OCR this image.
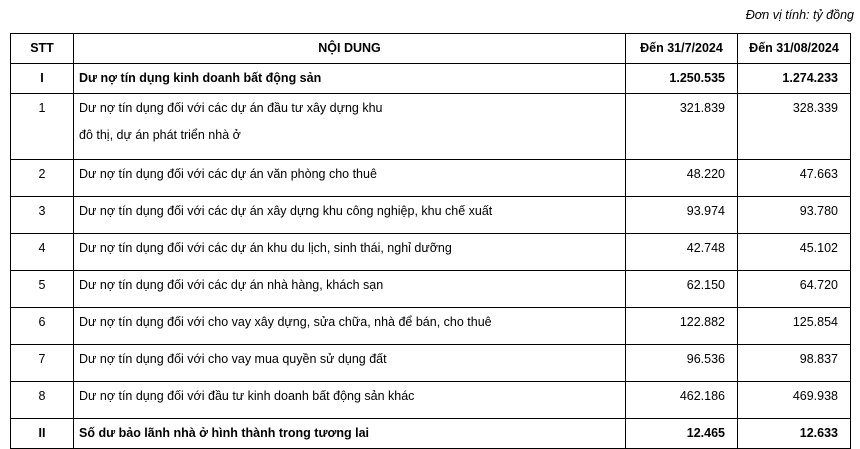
Đơn vị tính: tỷ đồng
STT	NỘI DUNG	Đến 31/7/2024	Đến 31/08/2024
I	Dư nợ tín dụng kinh doanh bất động sản	1.250.535	1.274.233
1	Dư nợ tín dụng đối với các dự án đầu tư xây dựng khu
đô thị, dự án phát triển nhà ở	321.839	328.339
2	Dư nợ tín dụng đối với các dự án văn phòng cho thuê	48.220	47.663
3	Dư nợ tín dụng đối với các dự án xây dựng khu công nghiệp, khu chế xuất	93.974	93.780
4	Dư nợ tín dụng đối với các dự án khu du lịch, sinh thái, nghỉ dưỡng	42.748	45.102
5	Dư nợ tín dụng đối với các dự án nhà hàng, khách sạn	62.150	64.720
6	Dư nợ tín dụng đối với cho vay xây dựng, sửa chữa, nhà để bán, cho thuê	122.882	125.854
7	Dư nợ tín dụng đối với cho vay mua quyền sử dụng đất	96.536	98.837
8	Dư nợ tín dụng đối với đầu tư kinh doanh bất động sản khác	462.186	469.938
II	Số dư bảo lãnh nhà ở hình thành trong tương lai	12.465	12.633
